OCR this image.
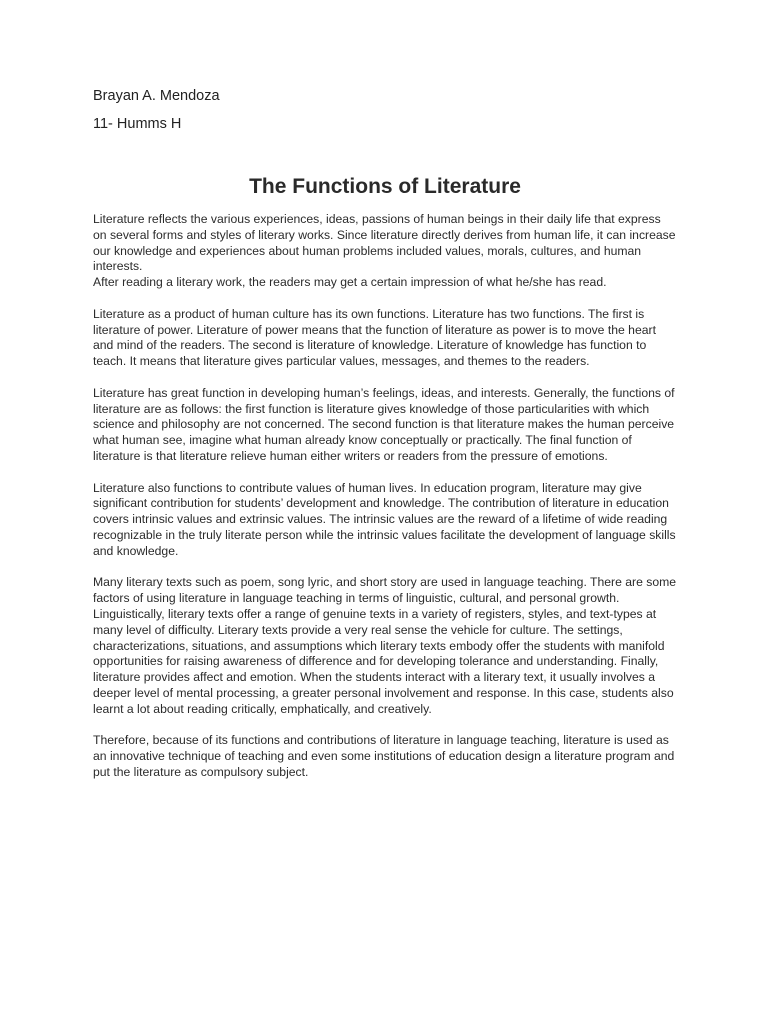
Brayan A. Mendoza

11- Humms H

The Functions of Literature

Literature reflects the various experiences, ideas, passions of human beings in their daily life that express on several forms and styles of literary works. Since literature directly derives from human life, it can increase our knowledge and experiences about human problems included values, morals, cultures, and human interests.

After reading a literary work, the readers may get a certain impression of what he/she has read.

Literature as a product of human culture has its own functions. Literature has two functions. The first is literature of power. Literature of power means that the function of literature as power is to move the heart and mind of the readers. The second is literature of knowledge. Literature of knowledge has function to teach. It means that literature gives particular values, messages, and themes to the readers.

Literature has great function in developing human’s feelings, ideas, and interests. Generally, the functions of literature are as follows: the first function is literature gives knowledge of those particularities with which science and philosophy are not concerned. The second function is that literature makes the human perceive what human see, imagine what human already know conceptually or practically. The final function of literature is that literature relieve human either writers or readers from the pressure of emotions.

Literature also functions to contribute values of human lives. In education program, literature may give significant contribution for students’ development and knowledge. The contribution of literature in education covers intrinsic values and extrinsic values. The intrinsic values are the reward of a lifetime of wide reading recognizable in the truly literate person while the intrinsic values facilitate the development of language skills and knowledge.

Many literary texts such as poem, song lyric, and short story are used in language teaching. There are some factors of using literature in language teaching in terms of linguistic, cultural, and personal growth. Linguistically, literary texts offer a range of genuine texts in a variety of registers, styles, and text-types at many level of difficulty. Literary texts provide a very real sense the vehicle for culture. The settings, characterizations, situations, and assumptions which literary texts embody offer the students with manifold opportunities for raising awareness of difference and for developing tolerance and understanding. Finally, literature provides affect and emotion. When the students interact with a literary text, it usually involves a deeper level of mental processing, a greater personal involvement and response. In this case, students also learnt a lot about reading critically, emphatically, and creatively.

Therefore, because of its functions and contributions of literature in language teaching, literature is used as an innovative technique of teaching and even some institutions of education design a literature program and put the literature as compulsory subject.
